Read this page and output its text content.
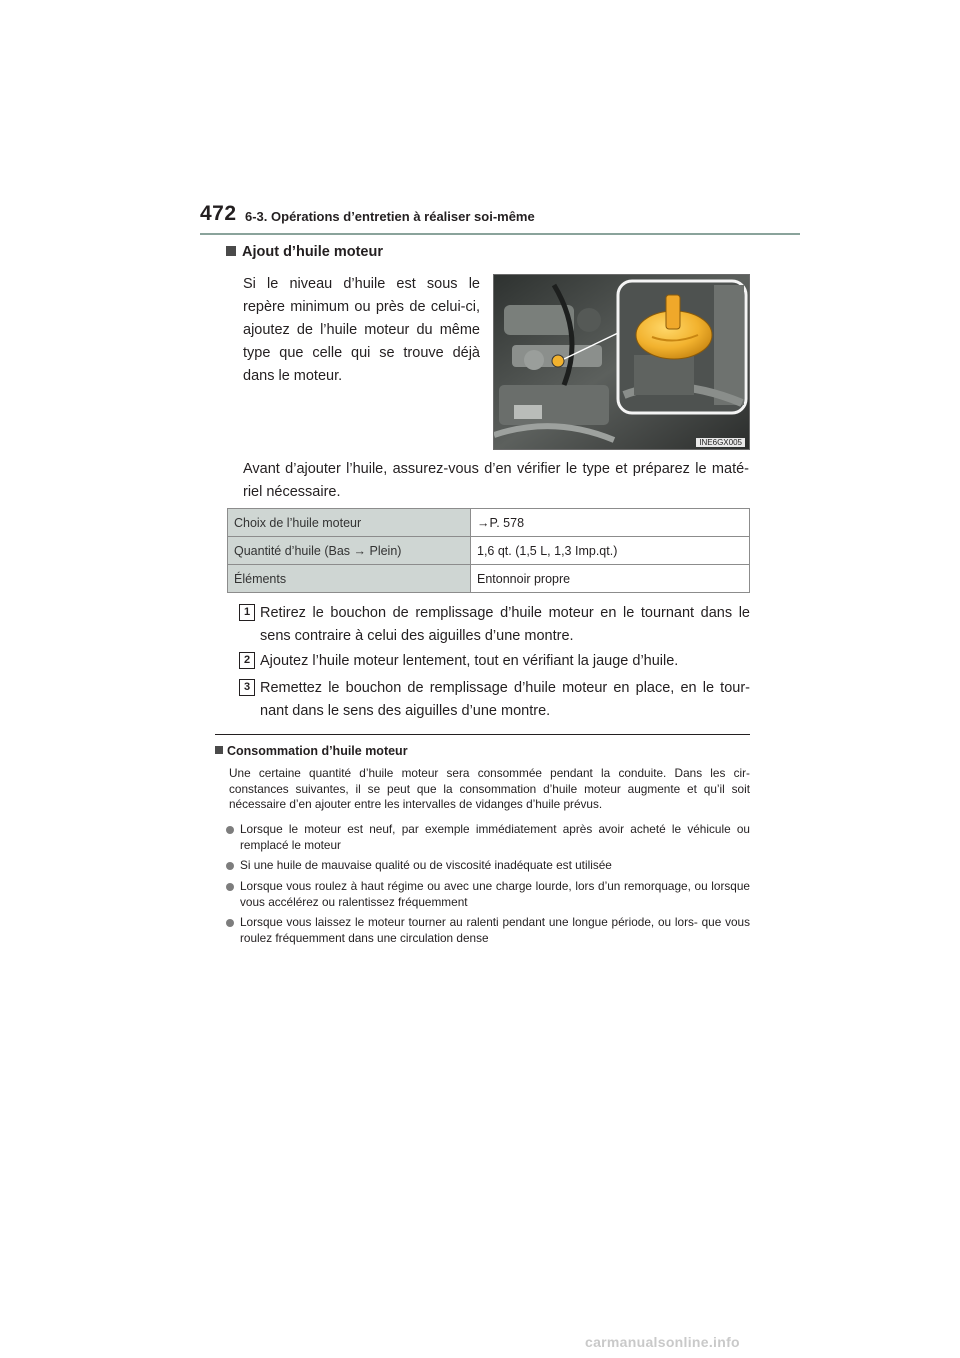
472 6-3. Opérations d’entretien à réaliser soi-même
Ajout d’huile moteur
Si le niveau d’huile est sous le repère minimum ou près de celui-ci, ajoutez de l’huile moteur du même type que celle qui se trouve déjà dans le moteur.
INE6GX005
Avant d’ajouter l’huile, assurez-vous d’en vérifier le type et préparez le maté- riel nécessaire.
Choix de l’huile moteur	→P. 578
Quantité d’huile (Bas → Plein)	1,6 qt. (1,5 L, 1,3 Imp.qt.)
Éléments	Entonnoir propre
1 Retirez le bouchon de remplissage d’huile moteur en le tournant dans le sens contraire à celui des aiguilles d’une montre.
2 Ajoutez l’huile moteur lentement, tout en vérifiant la jauge d’huile.
3 Remettez le bouchon de remplissage d’huile moteur en place, en le tour- nant dans le sens des aiguilles d’une montre.
Consommation d’huile moteur
Une certaine quantité d’huile moteur sera consommée pendant la conduite. Dans les cir- constances suivantes, il se peut que la consommation d’huile moteur augmente et qu’il soit nécessaire d’en ajouter entre les intervalles de vidanges d’huile prévus.
Lorsque le moteur est neuf, par exemple immédiatement après avoir acheté le véhicule ou remplacé le moteur
Si une huile de mauvaise qualité ou de viscosité inadéquate est utilisée
Lorsque vous roulez à haut régime ou avec une charge lourde, lors d’un remorquage, ou lorsque vous accélérez ou ralentissez fréquemment
Lorsque vous laissez le moteur tourner au ralenti pendant une longue période, ou lors- que vous roulez fréquemment dans une circulation dense
carmanualsonline.info
